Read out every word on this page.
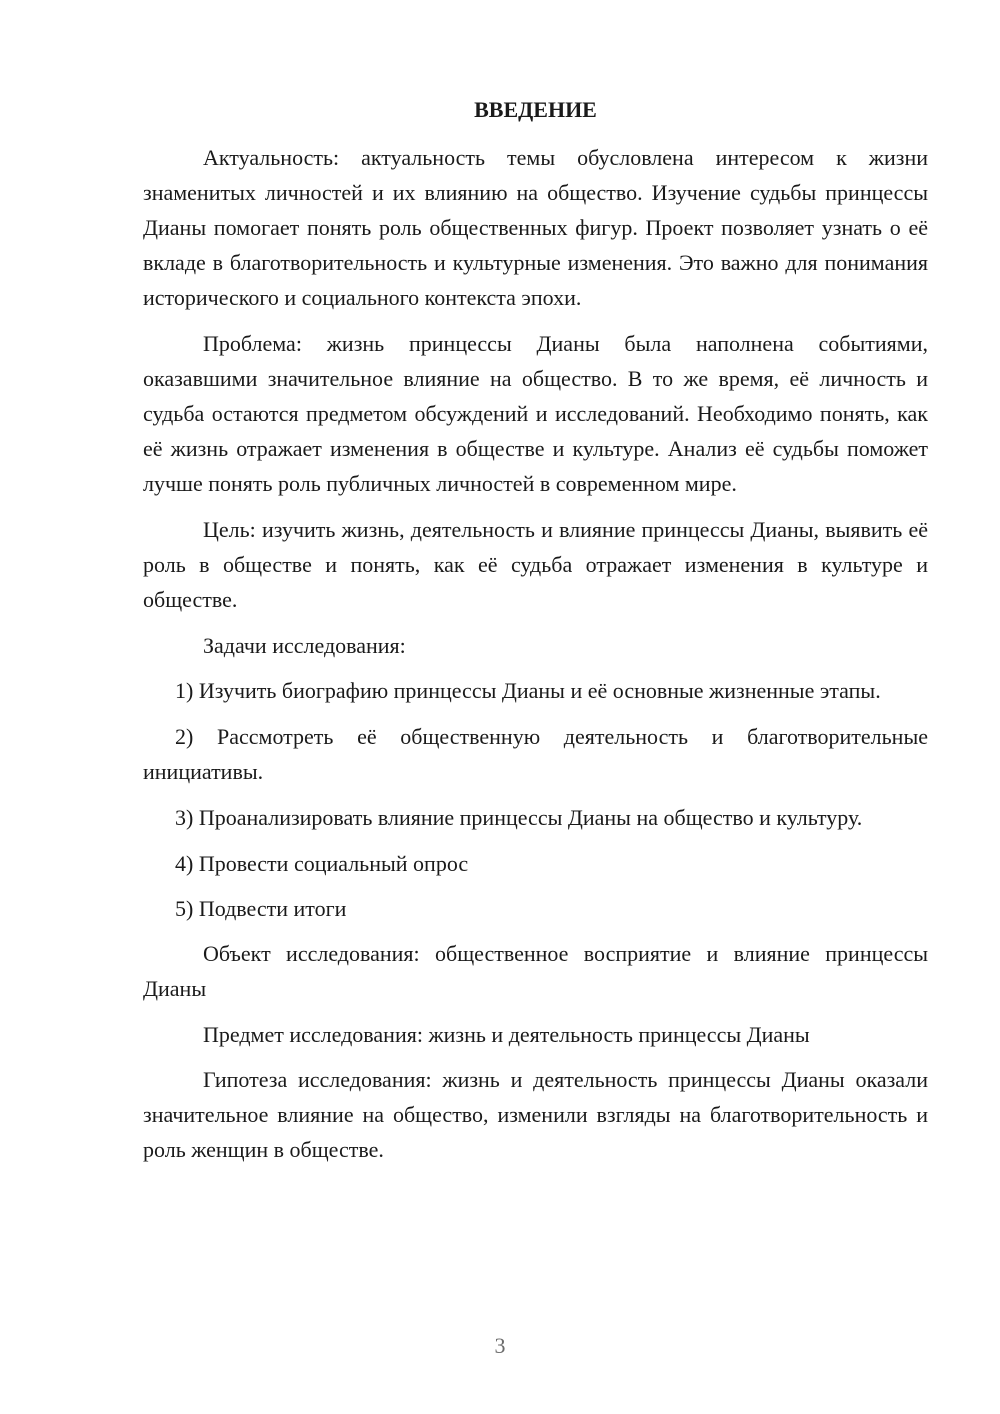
ВВЕДЕНИЕ

Актуальность: актуальность темы обусловлена интересом к жизни знаменитых личностей и их влиянию на общество. Изучение судьбы принцессы Дианы помогает понять роль общественных фигур. Проект позволяет узнать о её вкладе в благотворительность и культурные изменения. Это важно для понимания исторического и социального контекста эпохи.

Проблема: жизнь принцессы Дианы была наполнена событиями, оказавшими значительное влияние на общество. В то же время, её личность и судьба остаются предметом обсуждений и исследований. Необходимо понять, как её жизнь отражает изменения в обществе и культуре. Анализ её судьбы поможет лучше понять роль публичных личностей в современном мире.

Цель: изучить жизнь, деятельность и влияние принцессы Дианы, выявить её роль в обществе и понять, как её судьба отражает изменения в культуре и обществе.

Задачи исследования:

1) Изучить биографию принцессы Дианы и её основные жизненные этапы.

2) Рассмотреть её общественную деятельность и благотворительные инициативы.

3) Проанализировать влияние принцессы Дианы на общество и культуру.

4) Провести социальный опрос

5) Подвести итоги

Объект исследования: общественное восприятие и влияние принцессы Дианы

Предмет исследования: жизнь и деятельность принцессы Дианы

Гипотеза исследования: жизнь и деятельность принцессы Дианы оказали значительное влияние на общество, изменили взгляды на благотворительность и роль женщин в обществе.

3
